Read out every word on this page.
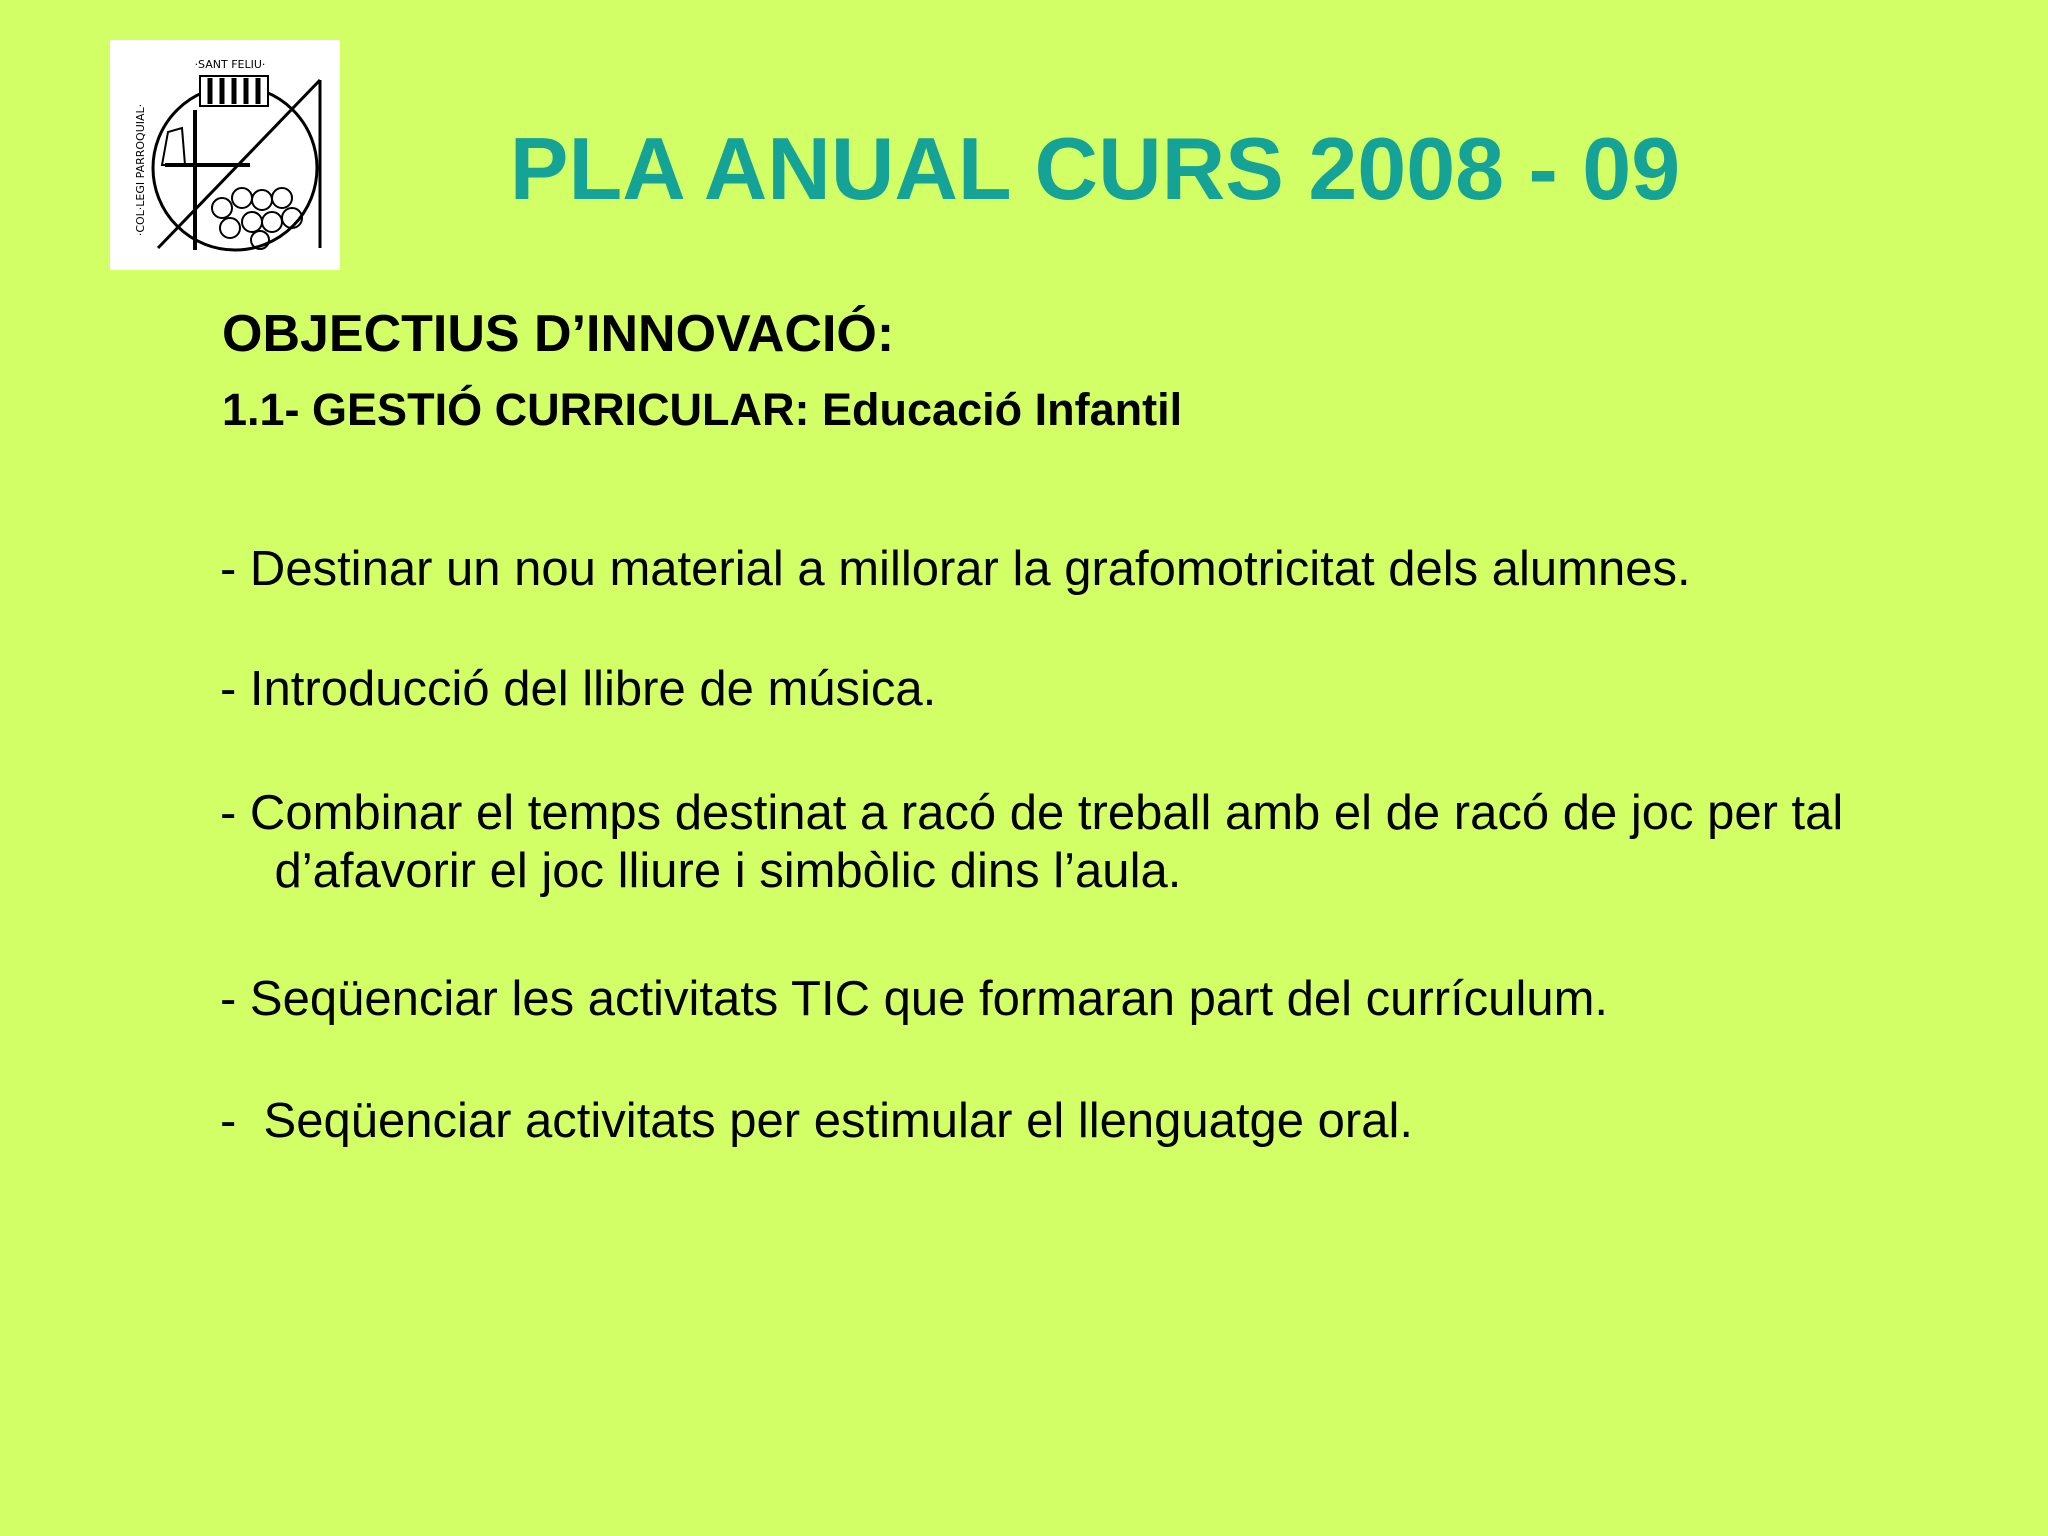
·SANT FELIU·
·COL·LEGI PARROQUIAL·	PLA ANUAL CURS 2008 - 09
OBJECTIUS D’INNOVACIÓ:
1.1- GESTIÓ CURRICULAR: Educació Infantil
- Destinar un nou material a millorar la grafomotricitat dels alumnes.
- Introducció del llibre de música.
- Combinar el temps destinat a racó de treball amb el de racó de joc per tal
d’afavorir el joc lliure i simbòlic dins l’aula.
- Seqüenciar les activitats TIC que formaran part del currículum.
-  Seqüenciar activitats per estimular el llenguatge oral.
